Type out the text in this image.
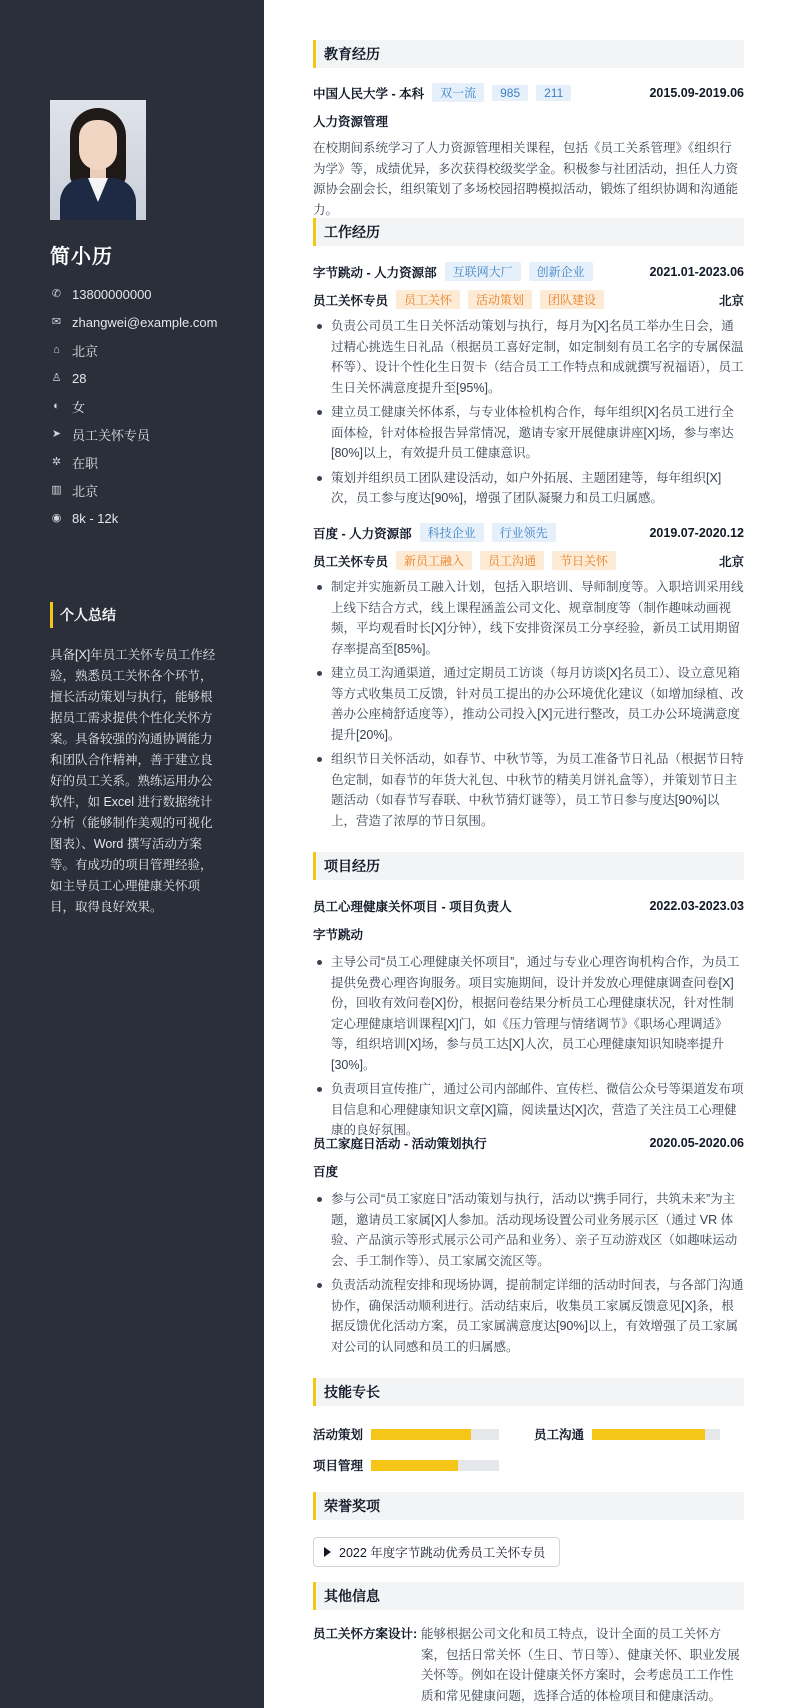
简小历
✆ 13800000000
✉ zhangwei@example.com
⌂ 北京
♙ 28
◐ 女
➤ 员工关怀专员
✲ 在职
▥ 北京
◉ 8k - 12k
个人总结
具备[X]年员工关怀专员工作经验，熟悉员工关怀各个环节，擅长活动策划与执行，能够根据员工需求提供个性化关怀方案。具备较强的沟通协调能力和团队合作精神，善于建立良好的员工关系。熟练运用办公软件，如 Excel 进行数据统计分析（能够制作美观的可视化图表）、Word 撰写活动方案等。有成功的项目管理经验，如主导员工心理健康关怀项目，取得良好效果。
教育经历
中国人民大学 - 本科	双一流	985	211	2015.09-2019.06
人力资源管理

在校期间系统学习了人力资源管理相关课程，包括《员工关系管理》《组织行为学》等，成绩优异，多次获得校级奖学金。积极参与社团活动，担任人力资源协会副会长，组织策划了多场校园招聘模拟活动，锻炼了组织协调和沟通能力。

工作经历
字节跳动 - 人力资源部	互联网大厂	创新企业	2021.01-2023.06
员工关怀专员	员工关怀	活动策划	团队建设	北京
负责公司员工生日关怀活动策划与执行，每月为[X]名员工举办生日会，通过精心挑选生日礼品（根据员工喜好定制，如定制刻有员工名字的专属保温杯等）、设计个性化生日贺卡（结合员工工作特点和成就撰写祝福语），员工生日关怀满意度提升至[95%]。
建立员工健康关怀体系，与专业体检机构合作，每年组织[X]名员工进行全面体检，针对体检报告异常情况，邀请专家开展健康讲座[X]场，参与率达[80%]以上，有效提升员工健康意识。
策划并组织员工团队建设活动，如户外拓展、主题团建等，每年组织[X]次，员工参与度达[90%]，增强了团队凝聚力和员工归属感。
百度 - 人力资源部	科技企业	行业领先	2019.07-2020.12
员工关怀专员	新员工融入	员工沟通	节日关怀	北京
制定并实施新员工融入计划，包括入职培训、导师制度等。入职培训采用线上线下结合方式，线上课程涵盖公司文化、规章制度等（制作趣味动画视频，平均观看时长[X]分钟），线下安排资深员工分享经验，新员工试用期留存率提高至[85%]。
建立员工沟通渠道，通过定期员工访谈（每月访谈[X]名员工）、设立意见箱等方式收集员工反馈，针对员工提出的办公环境优化建议（如增加绿植、改善办公座椅舒适度等），推动公司投入[X]元进行整改，员工办公环境满意度提升[20%]。
组织节日关怀活动，如春节、中秋节等，为员工准备节日礼品（根据节日特色定制，如春节的年货大礼包、中秋节的精美月饼礼盒等），并策划节日主题活动（如春节写春联、中秋节猜灯谜等），员工节日参与度达[90%]以上，营造了浓厚的节日氛围。
项目经历
员工心理健康关怀项目 - 项目负责人	2022.03-2023.03
字节跳动
主导公司“员工心理健康关怀项目”，通过与专业心理咨询机构合作，为员工提供免费心理咨询服务。项目实施期间，设计并发放心理健康调查问卷[X]份，回收有效问卷[X]份，根据问卷结果分析员工心理健康状况，针对性制定心理健康培训课程[X]门，如《压力管理与情绪调节》《职场心理调适》等，组织培训[X]场，参与员工达[X]人次，员工心理健康知识知晓率提升[30%]。
负责项目宣传推广，通过公司内部邮件、宣传栏、微信公众号等渠道发布项目信息和心理健康知识文章[X]篇，阅读量达[X]次，营造了关注员工心理健康的良好氛围。
员工家庭日活动 - 活动策划执行	2020.05-2020.06
百度
参与公司“员工家庭日”活动策划与执行，活动以“携手同行，共筑未来”为主题，邀请员工家属[X]人参加。活动现场设置公司业务展示区（通过 VR 体验、产品演示等形式展示公司产品和业务）、亲子互动游戏区（如趣味运动会、手工制作等）、员工家属交流区等。
负责活动流程安排和现场协调，提前制定详细的活动时间表，与各部门沟通协作，确保活动顺利进行。活动结束后，收集员工家属反馈意见[X]条，根据反馈优化活动方案，员工家属满意度达[90%]以上，有效增强了员工家属对公司的认同感和员工的归属感。
技能专长
活动策划	员工沟通
项目管理
荣誉奖项
2022 年度字节跳动优秀员工关怀专员
其他信息
员工关怀方案设计: 能够根据公司文化和员工特点，设计全面的员工关怀方案，包括日常关怀（生日、节日等）、健康关怀、职业发展关怀等。例如在设计健康关怀方案时，会考虑员工工作性质和常见健康问题，选择合适的体检项目和健康活动。
